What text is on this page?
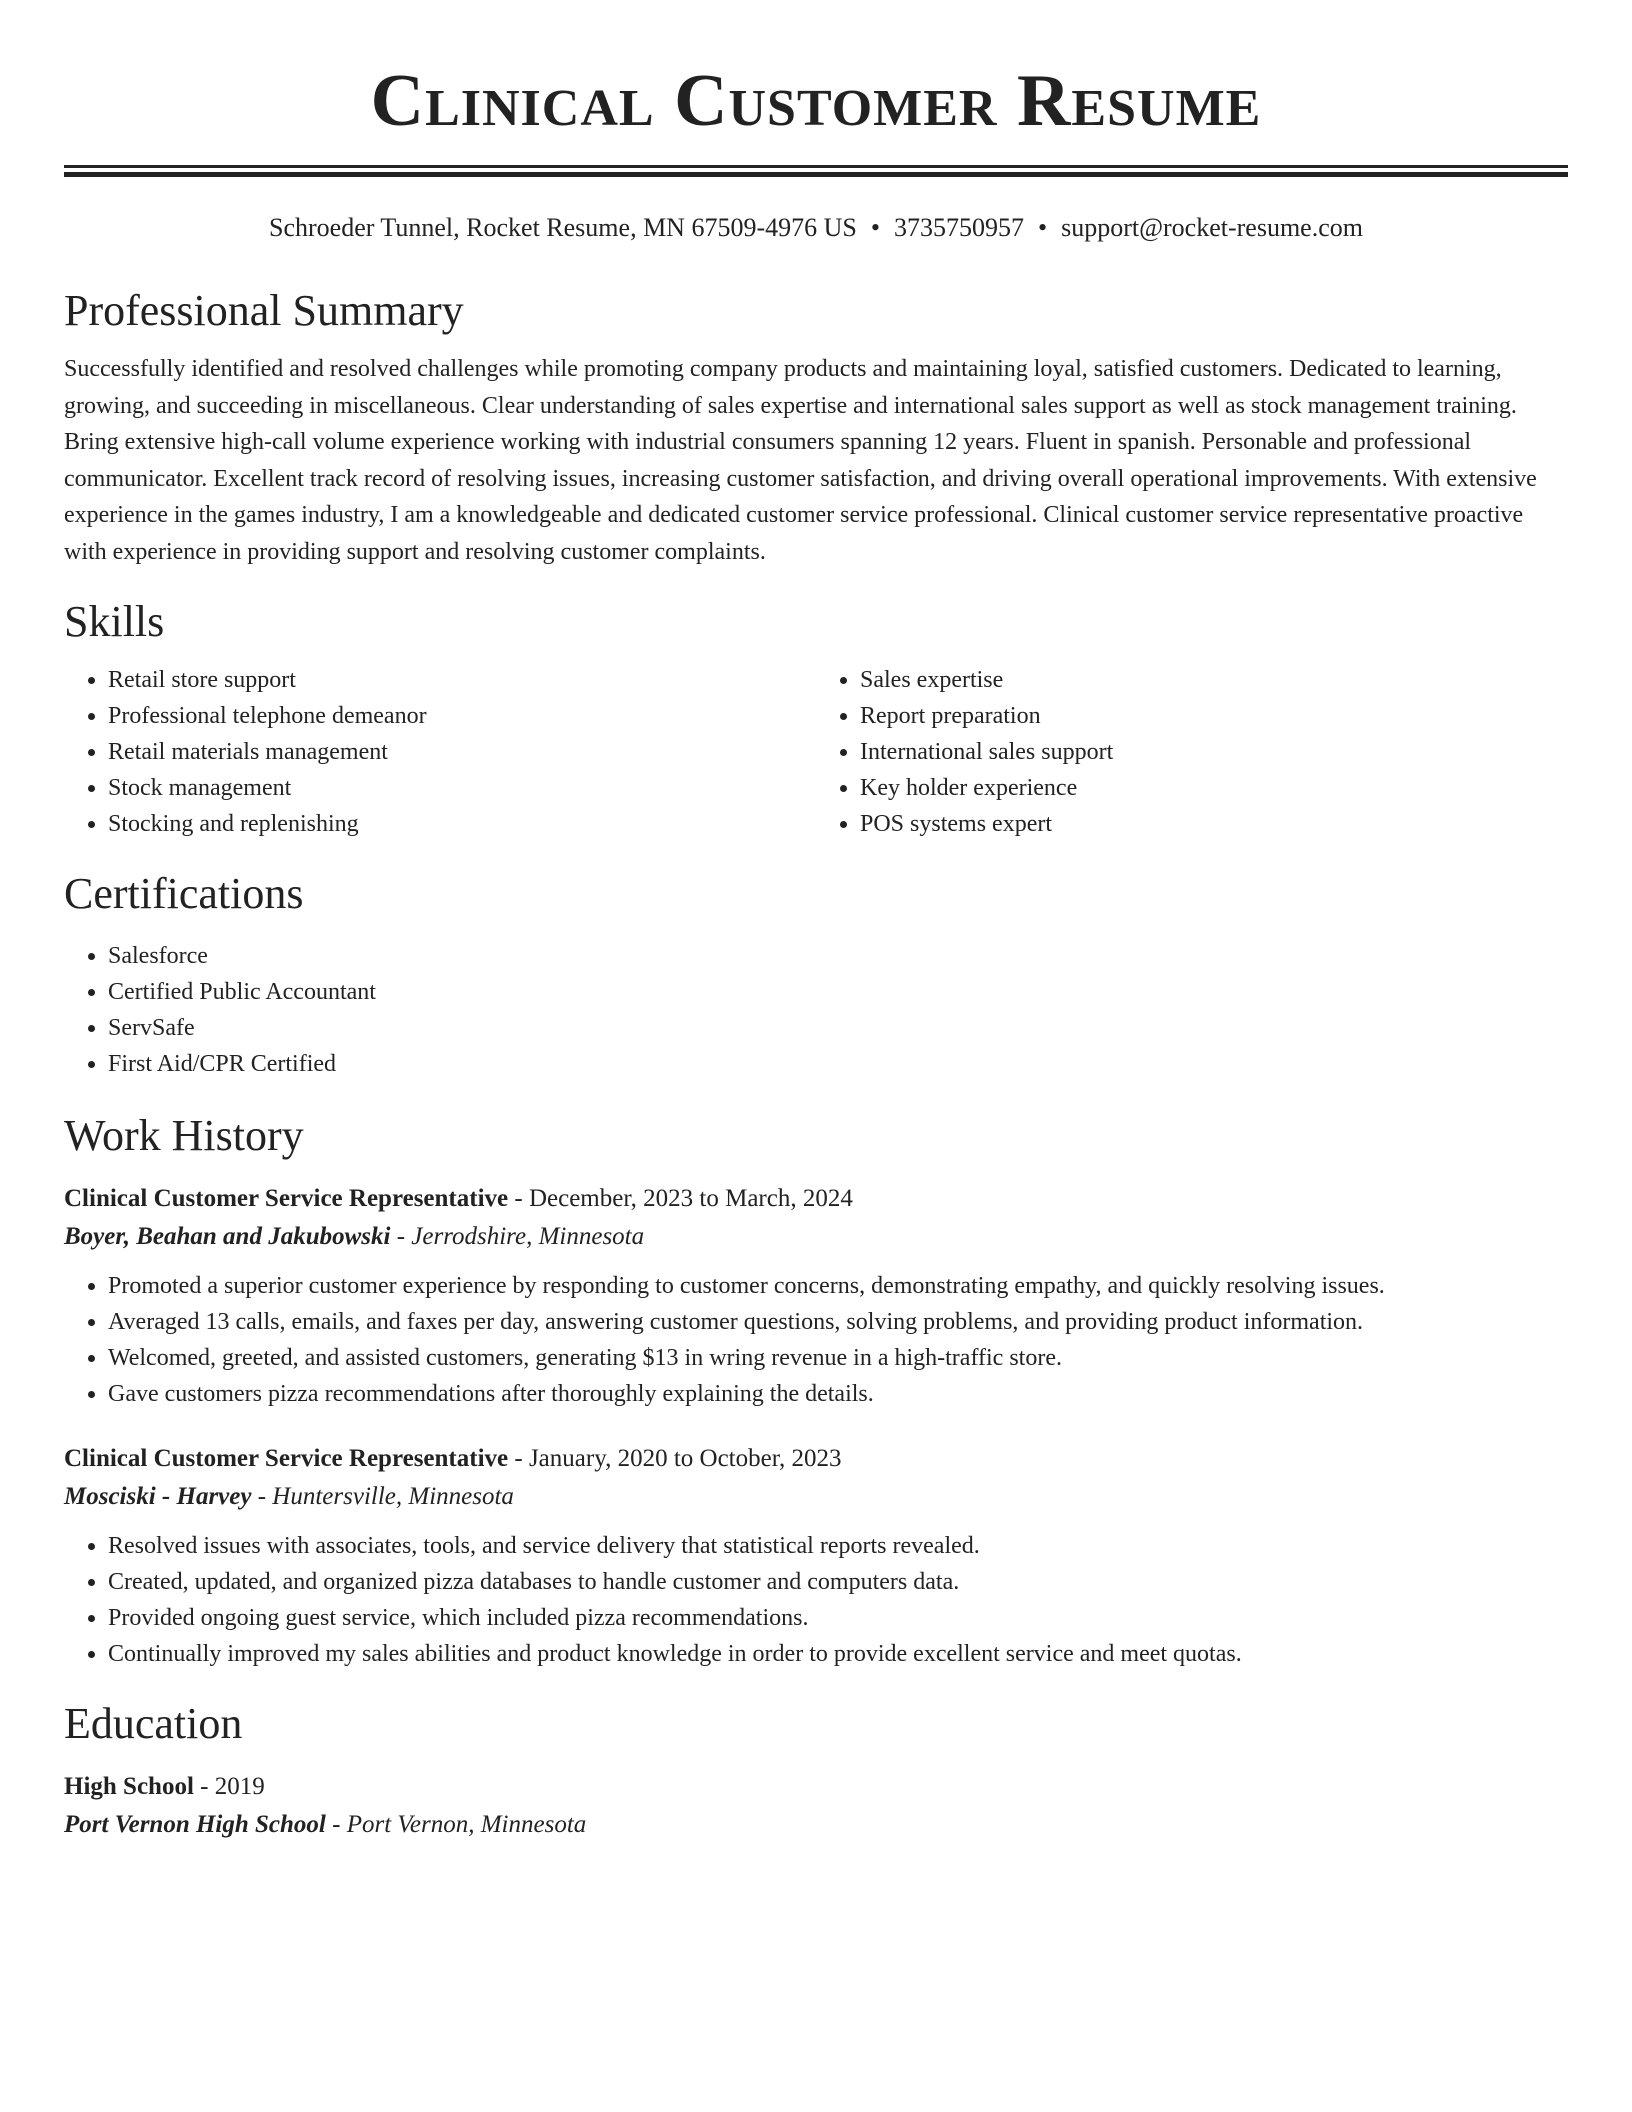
Clinical Customer Resume
Schroeder Tunnel, Rocket Resume, MN 67509-4976 US • 3735750957 • support@rocket-resume.com
Professional Summary

Successfully identified and resolved challenges while promoting company products and maintaining loyal, satisfied customers. Dedicated to learning, growing, and succeeding in miscellaneous. Clear understanding of sales expertise and international sales support as well as stock management training. Bring extensive high-call volume experience working with industrial consumers spanning 12 years. Fluent in spanish. Personable and professional communicator. Excellent track record of resolving issues, increasing customer satisfaction, and driving overall operational improvements. With extensive experience in the games industry, I am a knowledgeable and dedicated customer service professional. Clinical customer service representative proactive with experience in providing support and resolving customer complaints.

Skills
• Retail store support
• Professional telephone demeanor
• Retail materials management
• Stock management
• Stocking and replenishing
• Sales expertise
• Report preparation
• International sales support
• Key holder experience
• POS systems expert
Certifications
• Salesforce
• Certified Public Accountant
• ServSafe
• First Aid/CPR Certified
Work History
Clinical Customer Service Representative - December, 2023 to March, 2024
Boyer, Beahan and Jakubowski - Jerrodshire, Minnesota
• Promoted a superior customer experience by responding to customer concerns, demonstrating empathy, and quickly resolving issues.
• Averaged 13 calls, emails, and faxes per day, answering customer questions, solving problems, and providing product information.
• Welcomed, greeted, and assisted customers, generating $13 in wring revenue in a high-traffic store.
• Gave customers pizza recommendations after thoroughly explaining the details.
Clinical Customer Service Representative - January, 2020 to October, 2023
Mosciski - Harvey - Huntersville, Minnesota
• Resolved issues with associates, tools, and service delivery that statistical reports revealed.
• Created, updated, and organized pizza databases to handle customer and computers data.
• Provided ongoing guest service, which included pizza recommendations.
• Continually improved my sales abilities and product knowledge in order to provide excellent service and meet quotas.
Education
High School - 2019
Port Vernon High School - Port Vernon, Minnesota
